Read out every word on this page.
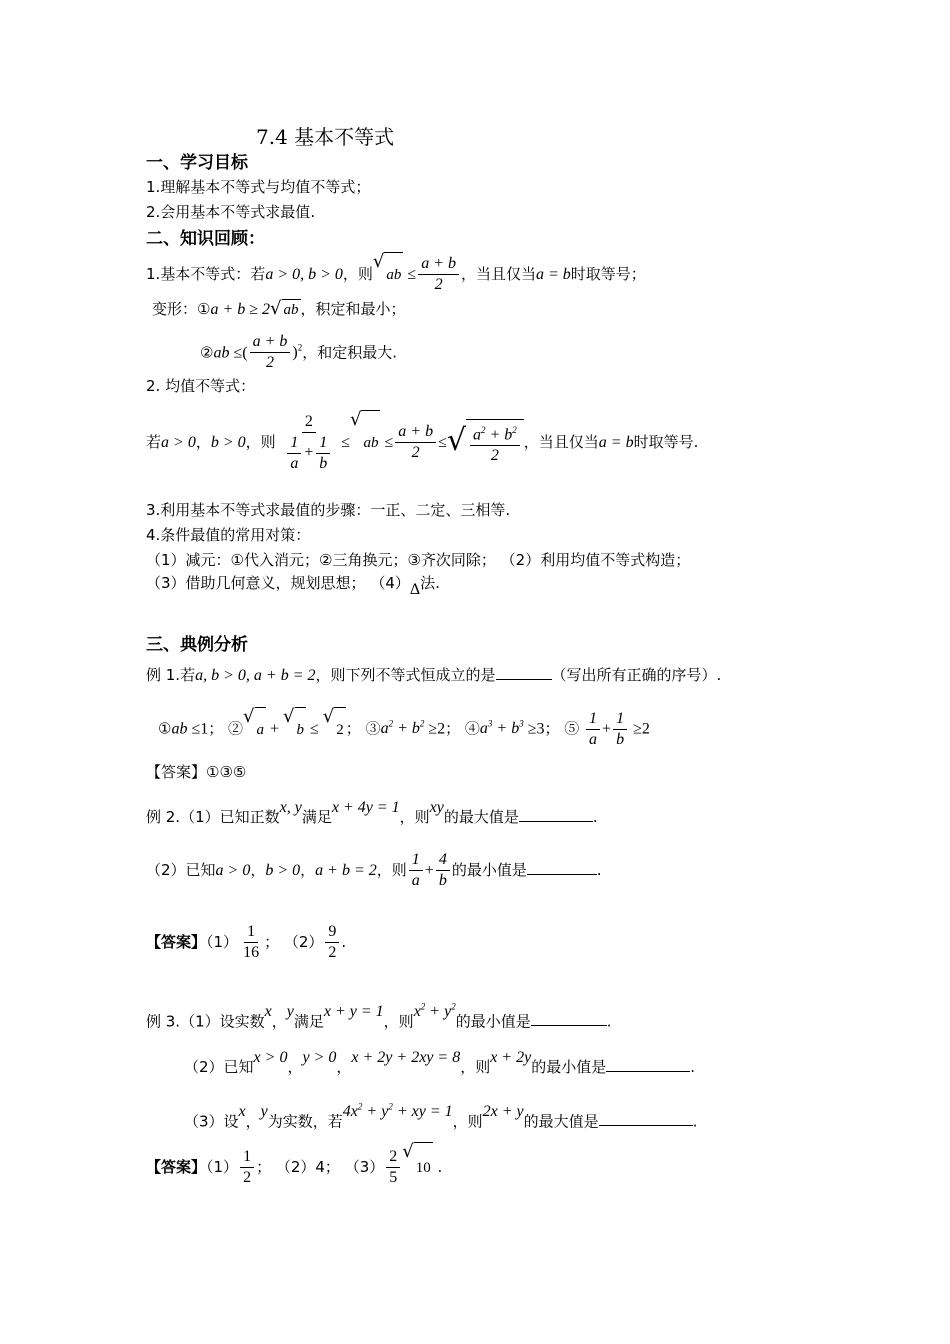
7.4 基本不等式
一、学习目标
1.理解基本不等式与均值不等式；
2.会用基本不等式求最值.
二、知识回顾：
1.基本不等式：若a > 0, b > 0，则
√
ab ≤ $\frac{a + b}{2}$ ，当且仅当a = b时取等号；
变形：①a + b ≥ 2 √ ab ，积定和最小；
②ab ≤( $\frac{a + b}{2} )^2$，和定积最大.
2. 均值不等式：
若a > 0，b > 0，则 $\frac{2}{\frac{1}{a} + \frac{1}{b}}$ ≤
√
ab ≤ $\frac{a + b}{2}$ ≤ √ $\frac{a^2 + b^2}{2}$ ，当且仅当a = b时取等号.
3.利用基本不等式求最值的步骤：一正、二定、三相等.
4.条件最值的常用对策：
（1）减元：①代入消元；②三角换元；③齐次同除； （2）利用均值不等式构造；
（3）借助几何意义，规划思想； （4）Δ法.
三、典例分析
例 1.若a, b > 0, a + b = 2，则下列不等式恒成立的是	（写出所有正确的序号）.
①ab ≤1； ②
√
a +
√
b ≤
√
2 ； $③a^2 + b^2 \ge 2$； $④a^3 + b^3 \ge 3$； ⑤ $\frac{1}{a} + \frac{1}{b} \ge 2$
【答案】①③⑤
例 2.（1）已知正数x, y满足x + 4y = 1，则xy的最大值是	.
（2）已知a > 0，b > 0，a + b = 2，则 $\frac{1}{a} + \frac{4}{b}$ 的最小值是	.
【答案】$(1) \frac{1}{16}$ ； $(2) \frac{9}{2}$ .
例 3.（1）设实数x，y满足x + y = 1，则$x^2 + y^2$的最小值是	.
（2）已知x > 0，y > 0，x + 2y + 2xy = 8，则x + 2y的最小值是	.
（3）设x，y为实数，若$4x^2 + y^2$ + xy = 1，则2x + y的最大值是	.
【答案】$(1) \frac{1}{2}$ ； （2）4； $(3) \frac{2}{5}$ √
10 .
